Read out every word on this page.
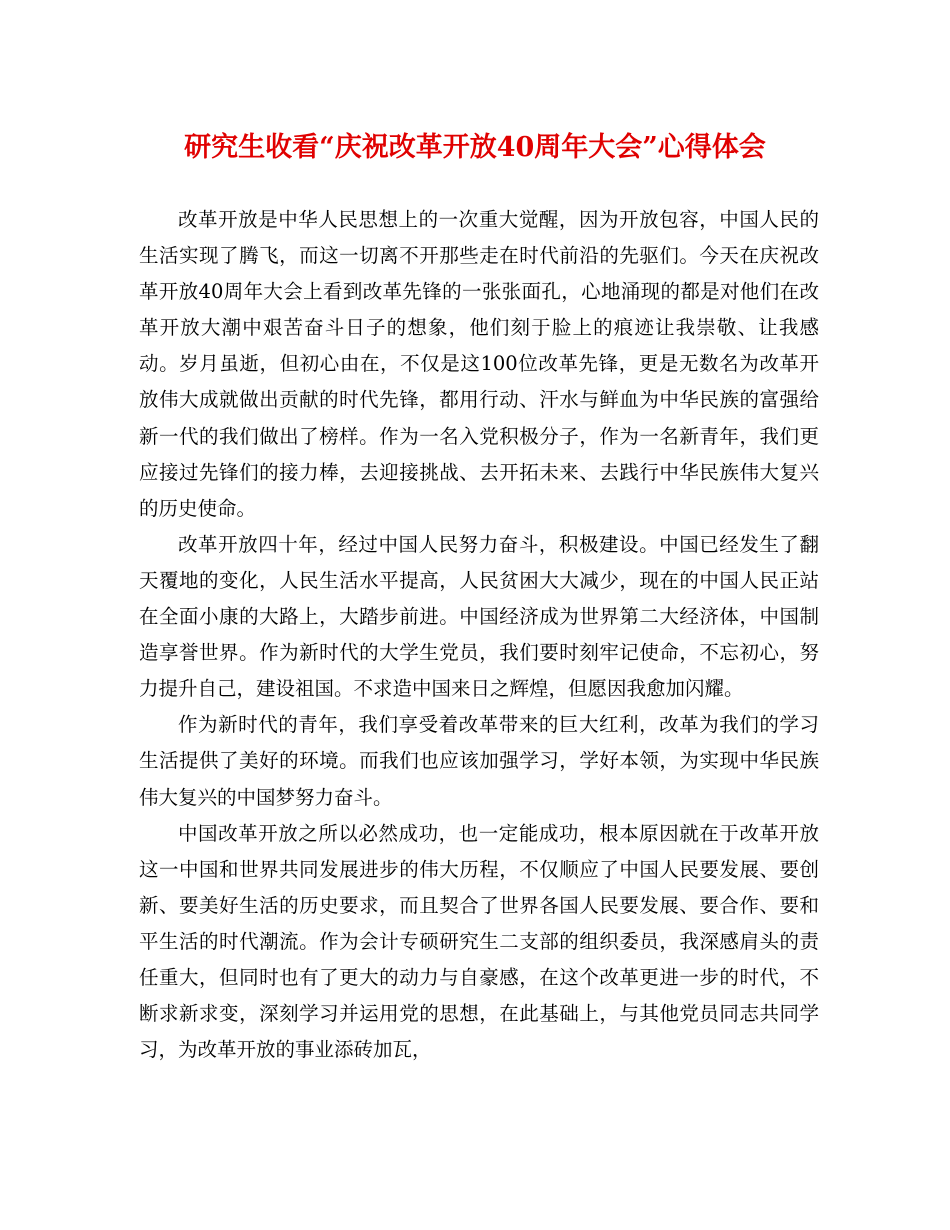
研究生收看“庆祝改革开放40周年大会”心得体会

改革开放是中华人民思想上的一次重大觉醒，因为开放包容，中国人民的生活实现了腾飞，而这一切离不开那些走在时代前沿的先驱们。今天在庆祝改革开放40周年大会上看到改革先锋的一张张面孔，心地涌现的都是对他们在改革开放大潮中艰苦奋斗日子的想象，他们刻于脸上的痕迹让我崇敬、让我感动。岁月虽逝，但初心由在，不仅是这100位改革先锋，更是无数名为改革开放伟大成就做出贡献的时代先锋，都用行动、汗水与鲜血为中华民族的富强给新一代的我们做出了榜样。作为一名入党积极分子，作为一名新青年，我们更应接过先锋们的接力棒，去迎接挑战、去开拓未来、去践行中华民族伟大复兴的历史使命。

改革开放四十年，经过中国人民努力奋斗，积极建设。中国已经发生了翻天覆地的变化，人民生活水平提高，人民贫困大大减少，现在的中国人民正站在全面小康的大路上，大踏步前进。中国经济成为世界第二大经济体，中国制造享誉世界。作为新时代的大学生党员，我们要时刻牢记使命，不忘初心，努力提升自己，建设祖国。不求造中国来日之辉煌，但愿因我愈加闪耀。

作为新时代的青年，我们享受着改革带来的巨大红利，改革为我们的学习生活提供了美好的环境。而我们也应该加强学习，学好本领，为实现中华民族伟大复兴的中国梦努力奋斗。

中国改革开放之所以必然成功，也一定能成功，根本原因就在于改革开放这一中国和世界共同发展进步的伟大历程，不仅顺应了中国人民要发展、要创新、要美好生活的历史要求，而且契合了世界各国人民要发展、要合作、要和平生活的时代潮流。作为会计专硕研究生二支部的组织委员，我深感肩头的责任重大，但同时也有了更大的动力与自豪感，在这个改革更进一步的时代，不断求新求变，深刻学习并运用党的思想，在此基础上，与其他党员同志共同学习，为改革开放的事业添砖加瓦，
